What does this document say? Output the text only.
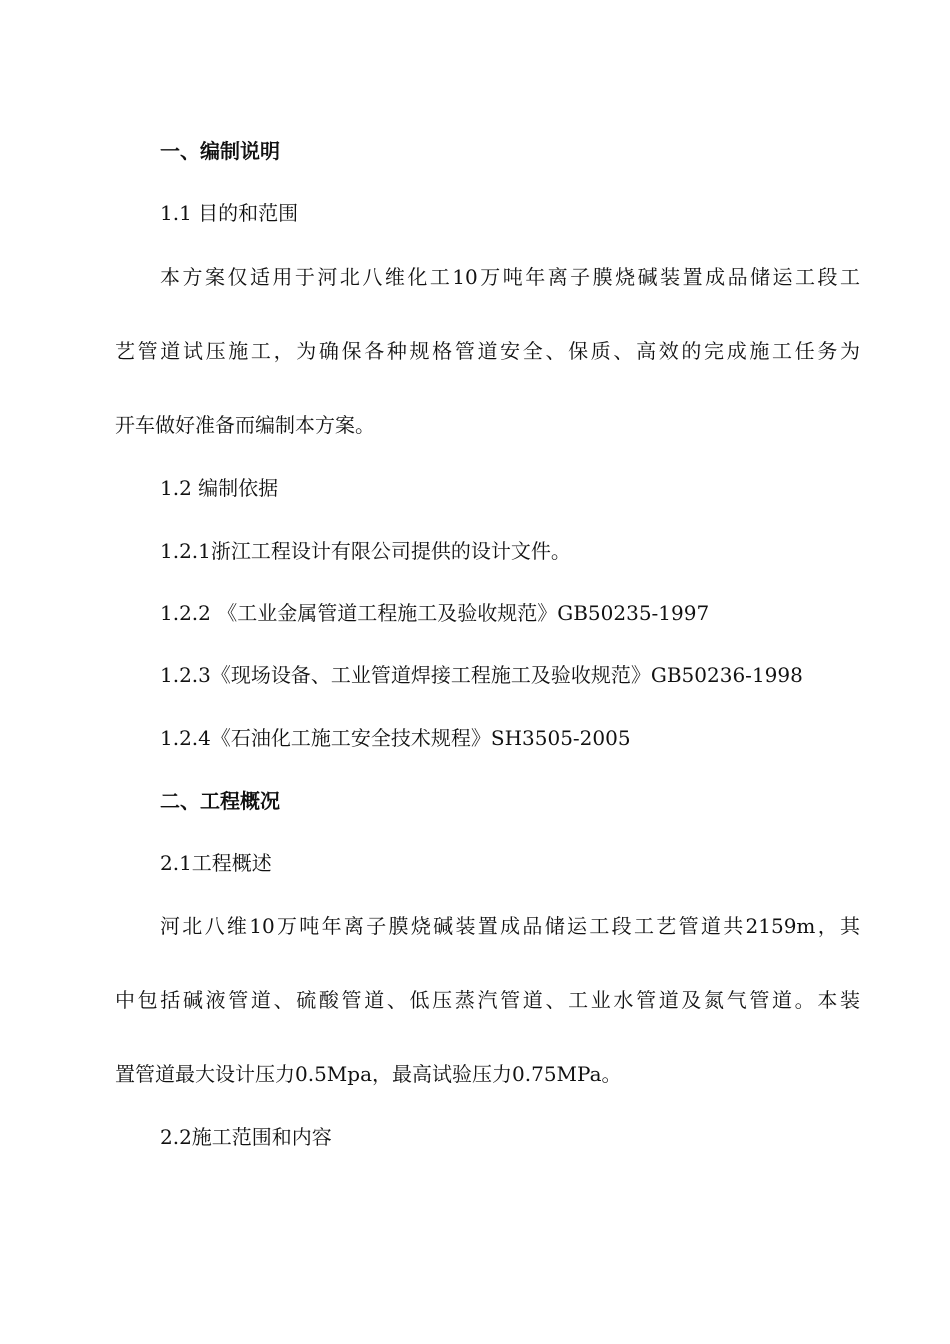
一、编制说明
1.1 目的和范围
本方案仅适用于河北八维化工10万吨年离子膜烧碱装置成品储运工段工
艺管道试压施工，为确保各种规格管道安全、保质、高效的完成施工任务为
开车做好准备而编制本方案。
1.2 编制依据
1.2.1浙江工程设计有限公司提供的设计文件。
1.2.2 《工业金属管道工程施工及验收规范》GB50235-1997
1.2.3《现场设备、工业管道焊接工程施工及验收规范》GB50236-1998
1.2.4《石油化工施工安全技术规程》SH3505-2005
二、工程概况
2.1工程概述
河北八维10万吨年离子膜烧碱装置成品储运工段工艺管道共2159m，其
中包括碱液管道、硫酸管道、低压蒸汽管道、工业水管道及氮气管道。本装
置管道最大设计压力0.5Mpa，最高试验压力0.75MPa。
2.2施工范围和内容
